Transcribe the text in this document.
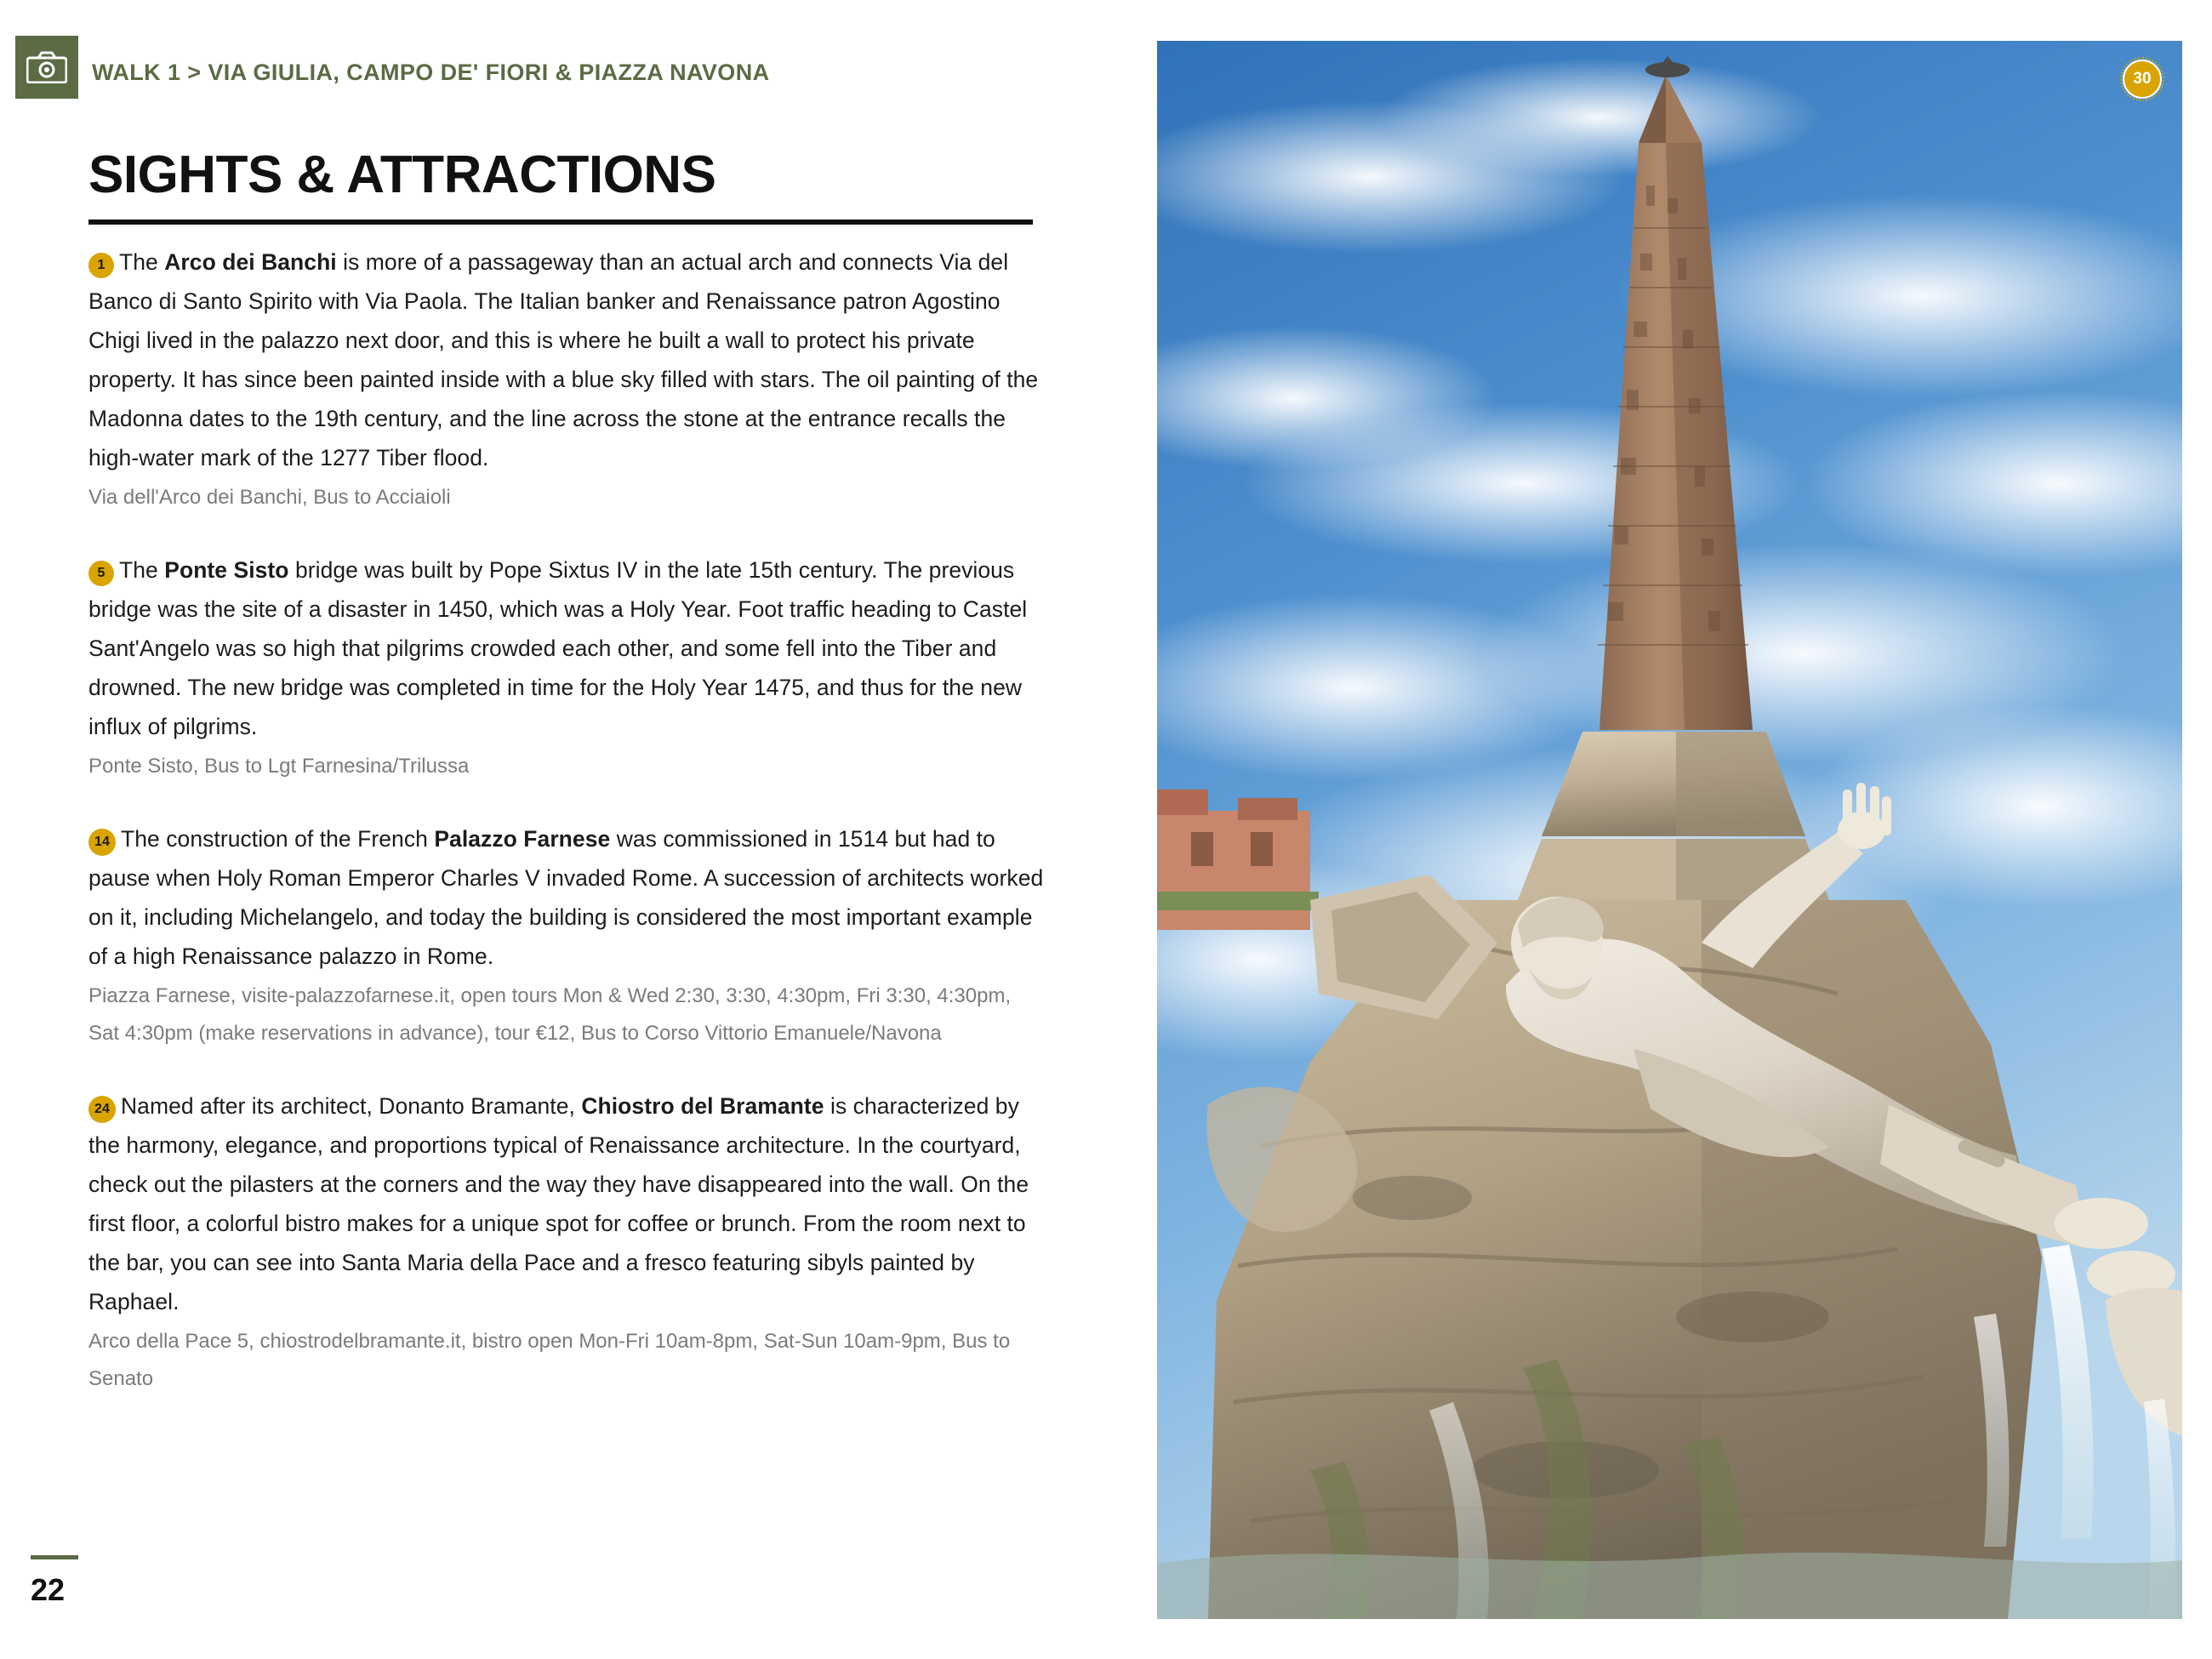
WALK 1 > VIA GIULIA, CAMPO DE' FIORI & PIAZZA NAVONA
SIGHTS & ATTRACTIONS
1 The Arco dei Banchi is more of a passageway than an actual arch and connects Via del Banco di Santo Spirito with Via Paola. The Italian banker and Renaissance patron Agostino Chigi lived in the palazzo next door, and this is where he built a wall to protect his private property. It has since been painted inside with a blue sky filled with stars. The oil painting of the Madonna dates to the 19th century, and the line across the stone at the entrance recalls the high-water mark of the 1277 Tiber flood.
Via dell'Arco dei Banchi, Bus to Acciaioli
5 The Ponte Sisto bridge was built by Pope Sixtus IV in the late 15th century. The previous bridge was the site of a disaster in 1450, which was a Holy Year. Foot traffic heading to Castel Sant'Angelo was so high that pilgrims crowded each other, and some fell into the Tiber and drowned. The new bridge was completed in time for the Holy Year 1475, and thus for the new influx of pilgrims.
Ponte Sisto, Bus to Lgt Farnesina/Trilussa
14 The construction of the French Palazzo Farnese was commissioned in 1514 but had to pause when Holy Roman Emperor Charles V invaded Rome. A succession of architects worked on it, including Michelangelo, and today the building is considered the most important example of a high Renaissance palazzo in Rome.
Piazza Farnese, visite-palazzofarnese.it, open tours Mon & Wed 2:30, 3:30, 4:30pm, Fri 3:30, 4:30pm, Sat 4:30pm (make reservations in advance), tour €12, Bus to Corso Vittorio Emanuele/Navona
24 Named after its architect, Donanto Bramante, Chiostro del Bramante is characterized by the harmony, elegance, and proportions typical of Renaissance architecture. In the courtyard, check out the pilasters at the corners and the way they have disappeared into the wall. On the first floor, a colorful bistro makes for a unique spot for coffee or brunch. From the room next to the bar, you can see into Santa Maria della Pace and a fresco featuring sibyls painted by Raphael.
Arco della Pace 5, chiostrodelbramante.it, bistro open Mon-Fri 10am-8pm, Sat-Sun 10am-9pm, Bus to Senato
22
30
